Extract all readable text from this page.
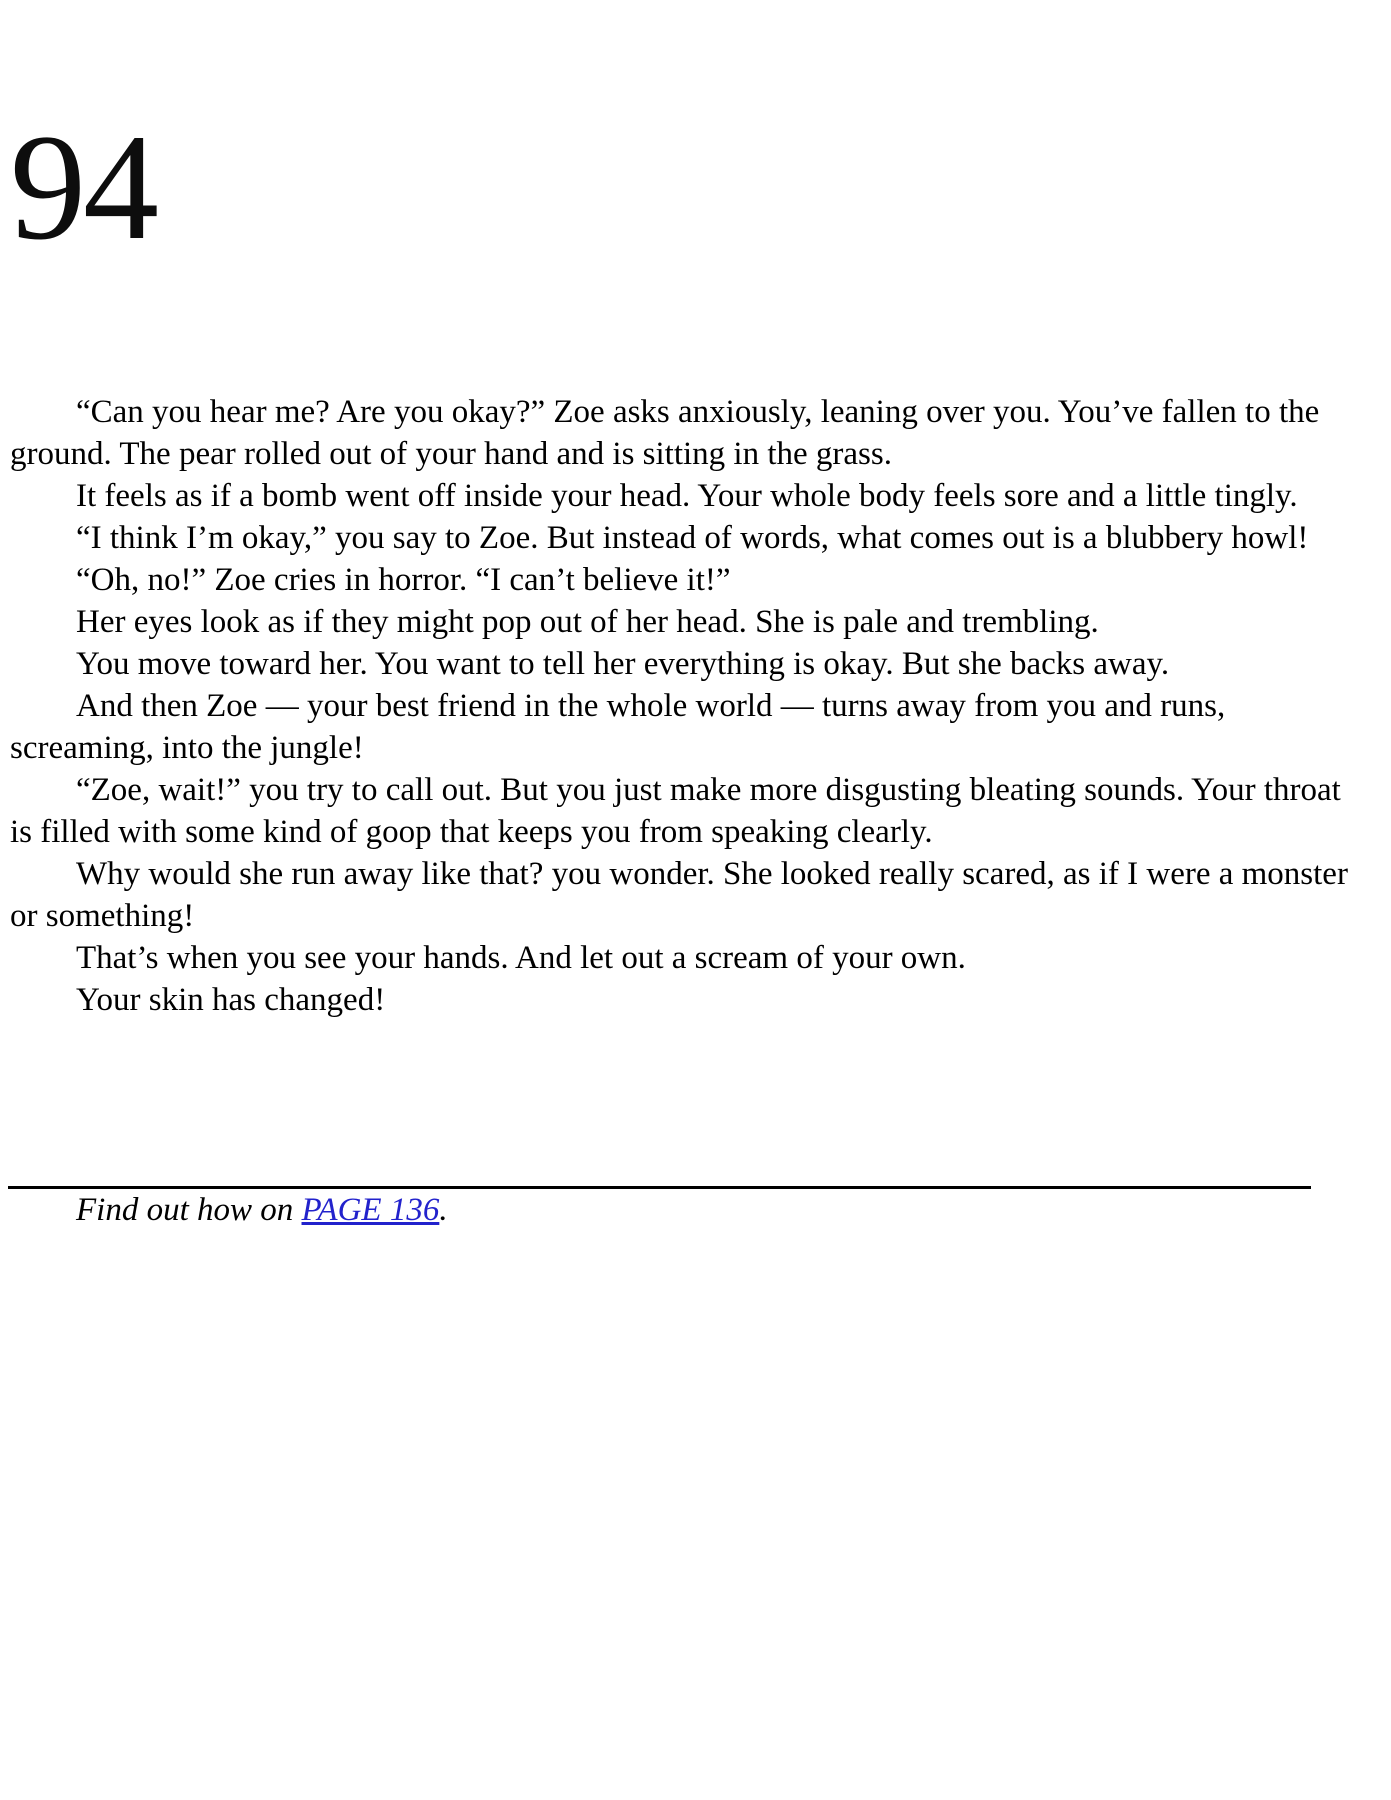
94

“Can you hear me? Are you okay?” Zoe asks anxiously, leaning over you. You’ve fallen to the ground. The pear rolled out of your hand and is sitting in the grass.

It feels as if a bomb went off inside your head. Your whole body feels sore and a little tingly.

“I think I’m okay,” you say to Zoe. But instead of words, what comes out is a blubbery howl!

“Oh, no!” Zoe cries in horror. “I can’t believe it!”

Her eyes look as if they might pop out of her head. She is pale and trembling.

You move toward her. You want to tell her everything is okay. But she backs away.

And then Zoe — your best friend in the whole world — turns away from you and runs, screaming, into the jungle!

“Zoe, wait!” you try to call out. But you just make more disgusting bleating sounds. Your throat is filled with some kind of goop that keeps you from speaking clearly.

Why would she run away like that? you wonder. She looked really scared, as if I were a monster or something!

That’s when you see your hands. And let out a scream of your own.

Your skin has changed!

Find out how on PAGE 136.
